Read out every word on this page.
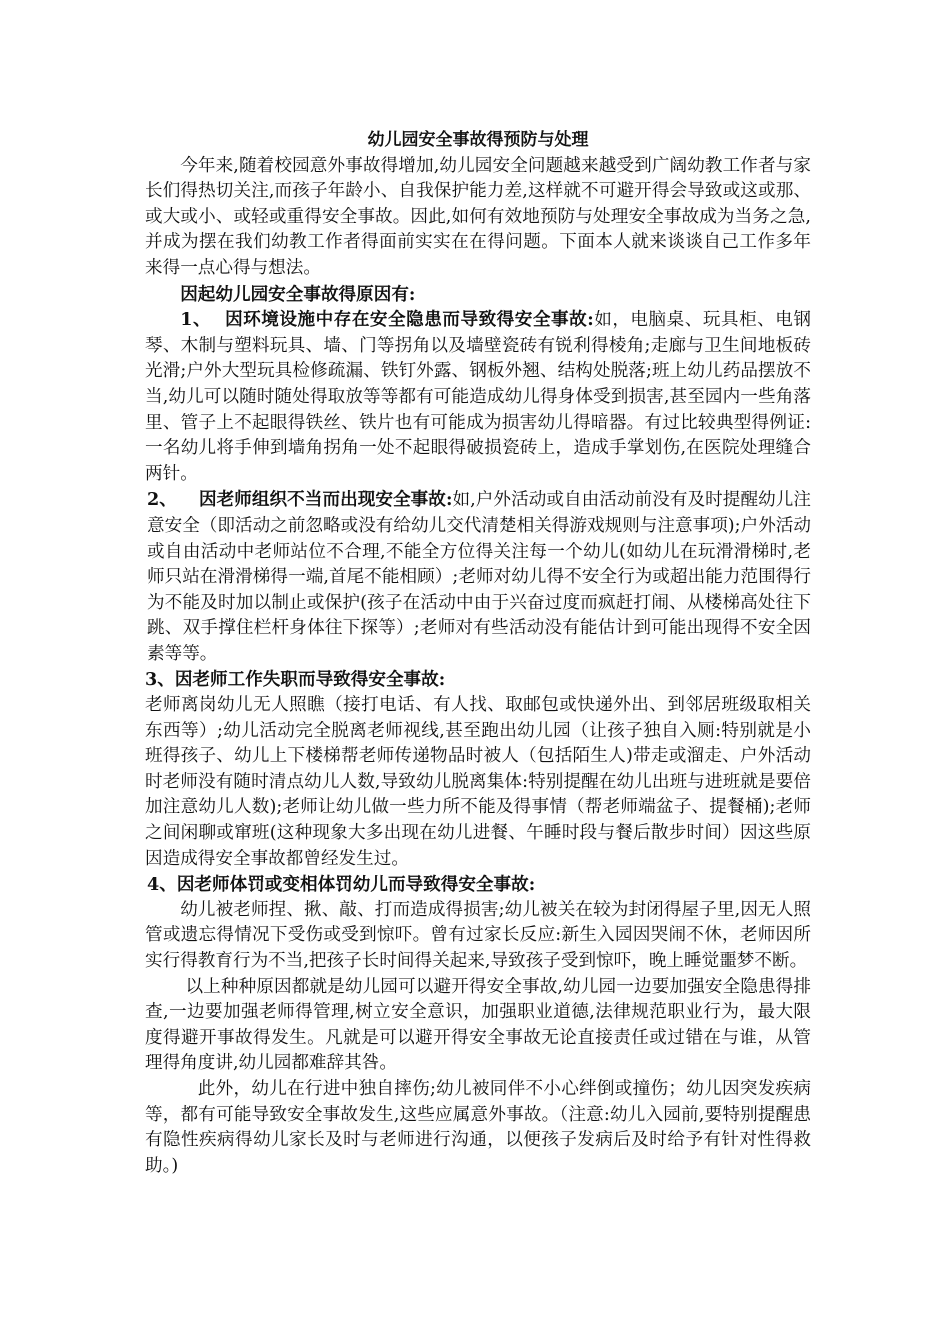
幼儿园安全事故得预防与处理

今年来,随着校园意外事故得增加,幼儿园安全问题越来越受到广阔幼教工作者与家长们得热切关注,而孩子年龄小、自我保护能力差,这样就不可避开得会导致或这或那、或大或小、或轻或重得安全事故。因此,如何有效地预防与处理安全事故成为当务之急,并成为摆在我们幼教工作者得面前实实在在得问题。下面本人就来谈谈自己工作多年来得一点心得与想法。

因起幼儿园安全事故得原因有:

1、 因环境设施中存在安全隐患而导致得安全事故:如，电脑桌、玩具柜、电钢琴、木制与塑料玩具、墙、门等拐角以及墙壁瓷砖有锐利得棱角;走廊与卫生间地板砖光滑;户外大型玩具检修疏漏、铁钉外露、钢板外翘、结构处脱落;班上幼儿药品摆放不当,幼儿可以随时随处得取放等等都有可能造成幼儿得身体受到损害,甚至园内一些角落里、管子上不起眼得铁丝、铁片也有可能成为损害幼儿得暗器。有过比较典型得例证:一名幼儿将手伸到墙角拐角一处不起眼得破损瓷砖上，造成手掌划伤,在医院处理缝合两针。

2、 因老师组织不当而出现安全事故:如,户外活动或自由活动前没有及时提醒幼儿注意安全（即活动之前忽略或没有给幼儿交代清楚相关得游戏规则与注意事项);户外活动或自由活动中老师站位不合理,不能全方位得关注每一个幼儿(如幼儿在玩滑滑梯时,老师只站在滑滑梯得一端,首尾不能相顾）;老师对幼儿得不安全行为或超出能力范围得行为不能及时加以制止或保护(孩子在活动中由于兴奋过度而疯赶打闹、从楼梯高处往下跳、双手撑住栏杆身体往下探等）;老师对有些活动没有能估计到可能出现得不安全因素等等。

3、因老师工作失职而导致得安全事故:

老师离岗幼儿无人照瞧（接打电话、有人找、取邮包或快递外出、到邻居班级取相关东西等）;幼儿活动完全脱离老师视线,甚至跑出幼儿园（让孩子独自入厕:特别就是小班得孩子、幼儿上下楼梯帮老师传递物品时被人（包括陌生人)带走或溜走、户外活动时老师没有随时清点幼儿人数,导致幼儿脱离集体:特别提醒在幼儿出班与进班就是要倍加注意幼儿人数);老师让幼儿做一些力所不能及得事情（帮老师端盆子、提餐桶);老师之间闲聊或窜班(这种现象大多出现在幼儿进餐、午睡时段与餐后散步时间）因这些原因造成得安全事故都曾经发生过。

4、因老师体罚或变相体罚幼儿而导致得安全事故:

幼儿被老师捏、揪、敲、打而造成得损害;幼儿被关在较为封闭得屋子里,因无人照管或遗忘得情况下受伤或受到惊吓。曾有过家长反应:新生入园因哭闹不休，老师因所实行得教育行为不当,把孩子长时间得关起来,导致孩子受到惊吓，晚上睡觉噩梦不断。

以上种种原因都就是幼儿园可以避开得安全事故,幼儿园一边要加强安全隐患得排查,一边要加强老师得管理,树立安全意识，加强职业道德,法律规范职业行为，最大限度得避开事故得发生。凡就是可以避开得安全事故无论直接责任或过错在与谁，从管理得角度讲,幼儿园都难辞其咎。

此外，幼儿在行进中独自摔伤;幼儿被同伴不小心绊倒或撞伤；幼儿因突发疾病等，都有可能导致安全事故发生,这些应属意外事故。（注意:幼儿入园前,要特别提醒患有隐性疾病得幼儿家长及时与老师进行沟通，以便孩子发病后及时给予有针对性得救助。)
